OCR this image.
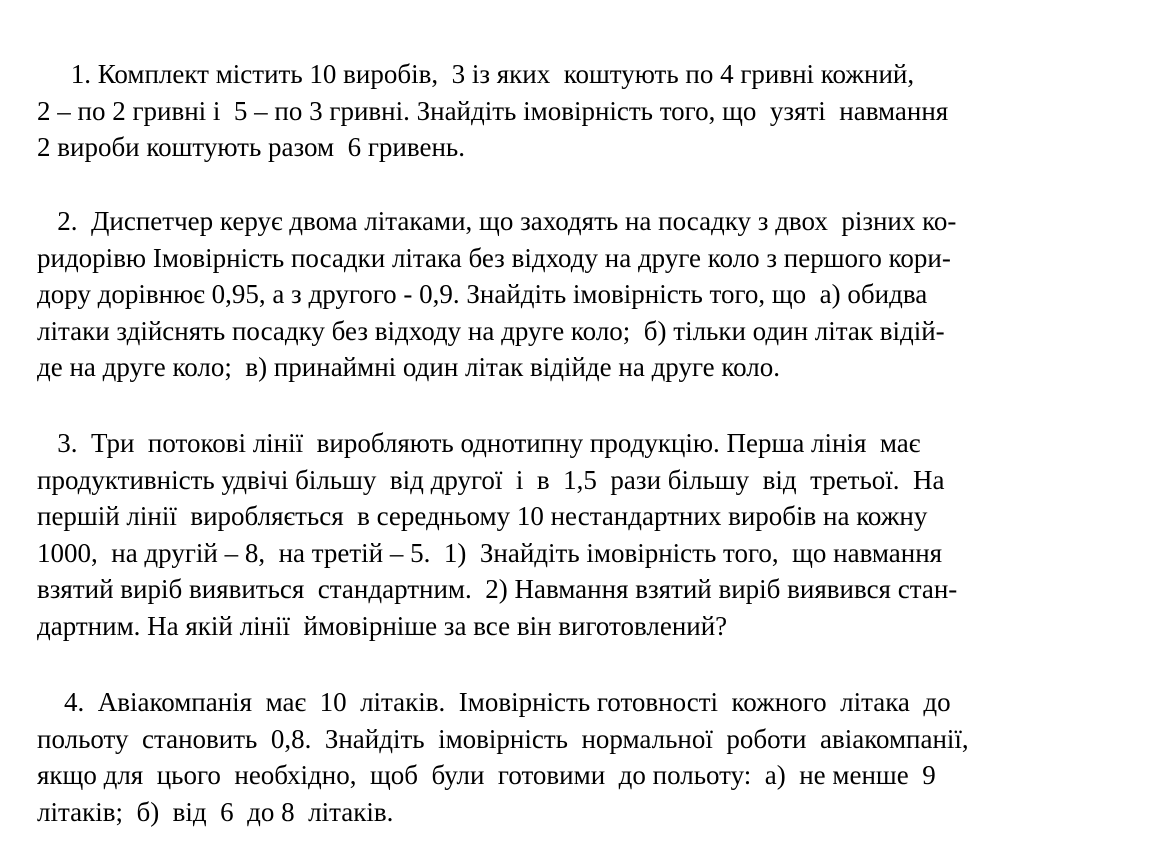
1. Комплект містить 10 виробів,  3 із яких  коштують по 4 гривні кожний,
2 – по 2 гривні і  5 – по 3 гривні. Знайдіть імовірність того, що  узяті  навмання
2 вироби коштують разом  6 гривень.
2.  Диспетчер керує двома літаками, що заходять на посадку з двох  різних ко-
ридорівю Імовірність посадки літака без відходу на друге коло з першого кори-
дору дорівнює 0,95, а з другого - 0,9. Знайдіть імовірність того, що  а) обидва
літаки здійснять посадку без відходу на друге коло;  б) тільки один літак відій-
де на друге коло;  в) принаймні один літак відійде на друге коло.
3.  Три  потокові лінії  виробляють однотипну продукцію. Перша лінія  має
продуктивність удвічі більшу  від другої  і  в  1,5  рази більшу  від  третьої.  На
першій лінії  виробляється  в середньому 10 нестандартних виробів на кожну
1000,  на другій – 8,  на третій – 5.  1)  Знайдіть імовірність того,  що навмання
взятий виріб виявиться  стандартним.  2) Навмання взятий виріб виявився стан-
дартним. На якій лінії  ймовірніше за все він виготовлений?
4.  Авіакомпанія  має  10  літаків.  Імовірність готовності  кожного  літака  до
польоту  становить  0,8.  Знайдіть  імовірність  нормальної  роботи  авіакомпанії,
якщо для  цього  необхідно,  щоб  були  готовими  до польоту:  а)  не менше  9
літаків;  б)  від  6  до 8  літаків.
